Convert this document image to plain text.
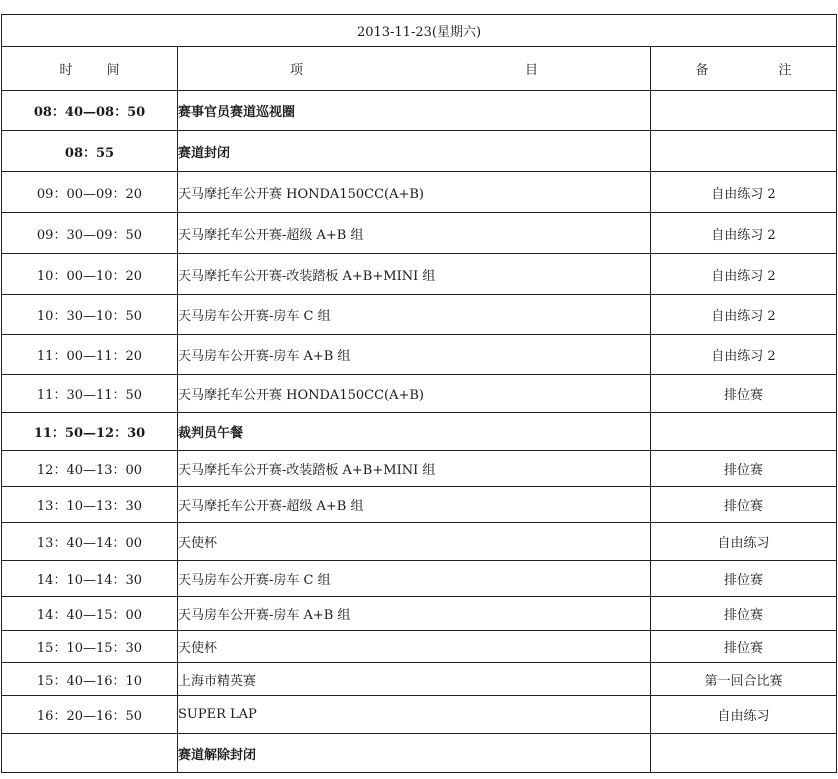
2013-11-23(星期六)		
时 间	项 目	备 注
08：40—08：50	赛事官员赛道巡视圈	
08：55	赛道封闭	
09：00—09：20	天马摩托车公开赛 HONDA150CC(A+B)	自由练习 2
09：30—09：50	天马摩托车公开赛-超级 A+B 组	自由练习 2
10：00—10：20	天马摩托车公开赛-改装踏板 A+B+MINI 组	自由练习 2
10：30—10：50	天马房车公开赛-房车 C 组	自由练习 2
11：00—11：20	天马房车公开赛-房车 A+B 组	自由练习 2
11：30—11：50	天马摩托车公开赛 HONDA150CC(A+B)	排位赛
11：50—12：30	裁判员午餐	
12：40—13：00	天马摩托车公开赛-改装踏板 A+B+MINI 组	排位赛
13：10—13：30	天马摩托车公开赛-超级 A+B 组	排位赛
13：40—14：00	天使杯	自由练习
14：10—14：30	天马房车公开赛-房车 C 组	排位赛
14：40—15：00	天马房车公开赛-房车 A+B 组	排位赛
15：10—15：30	天使杯	排位赛
15：40—16：10	上海市精英赛	第一回合比赛
16：20—16：50	SUPER LAP	自由练习
	赛道解除封闭	
